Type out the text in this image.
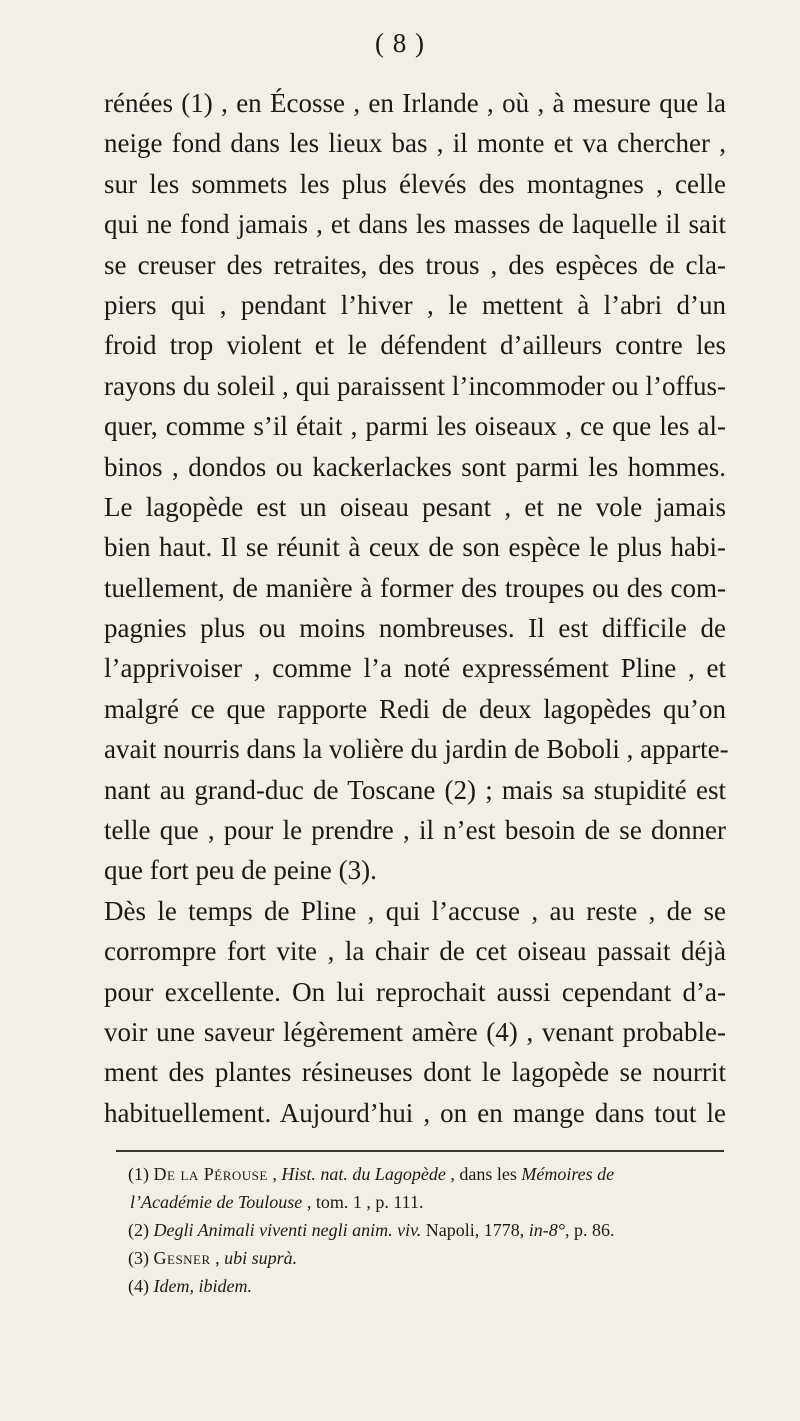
( 8 )
rénées (1) , en Écosse , en Irlande , où , à mesure que la
neige fond dans les lieux bas , il monte et va chercher ,
sur les sommets les plus élevés des montagnes , celle
qui ne fond jamais , et dans les masses de laquelle il sait
se creuser des retraites, des trous , des espèces de cla-
piers qui , pendant l’hiver , le mettent à l’abri d’un
froid trop violent et le défendent d’ailleurs contre les
rayons du soleil , qui paraissent l’incommoder ou l’offus-
quer, comme s’il était , parmi les oiseaux , ce que les al-
binos , dondos ou kackerlackes sont parmi les hommes.
Le lagopède est un oiseau pesant , et ne vole jamais
bien haut. Il se réunit à ceux de son espèce le plus habi-
tuellement, de manière à former des troupes ou des com-
pagnies plus ou moins nombreuses. Il est difficile de
l’apprivoiser , comme l’a noté expressément Pline , et
malgré ce que rapporte Redi de deux lagopèdes qu’on
avait nourris dans la volière du jardin de Boboli , apparte-
nant au grand-duc de Toscane (2) ; mais sa stupidité est
telle que , pour le prendre , il n’est besoin de se donner
que fort peu de peine (3).
Dès le temps de Pline , qui l’accuse , au reste , de se
corrompre fort vite , la chair de cet oiseau passait déjà
pour excellente. On lui reprochait aussi cependant d’a-
voir une saveur légèrement amère (4) , venant probable-
ment des plantes résineuses dont le lagopède se nourrit
habituellement. Aujourd’hui , on en mange dans tout le
(1) De la Pérouse , Hist. nat. du Lagopède , dans les Mémoires de
l’Académie de Toulouse , tom. 1 , p. 111.
(2) Degli Animali viventi negli anim. viv. Napoli, 1778, in-8°, p. 86.
(3) Gesner , ubi suprà.
(4) Idem, ibidem.
